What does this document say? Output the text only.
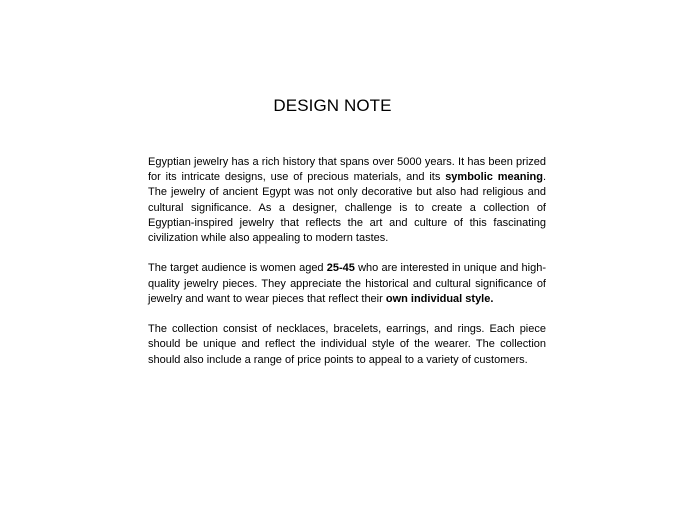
DESIGN NOTE

Egyptian jewelry has a rich history that spans over 5000 years. It has been prized for its intricate designs, use of precious materials, and its symbolic meaning. The jewelry of ancient Egypt was not only decorative but also had religious and cultural significance. As a designer, challenge is to create a collection of Egyptian-inspired jewelry that reflects the art and culture of this fascinating civilization while also appealing to modern tastes.

The target audience is women aged 25-45 who are interested in unique and high-quality jewelry pieces. They appreciate the historical and cultural significance of jewelry and want to wear pieces that reflect their own individual style.

The collection consist of necklaces, bracelets, earrings, and rings. Each piece should be unique and reflect the individual style of the wearer. The collection should also include a range of price points to appeal to a variety of customers.
